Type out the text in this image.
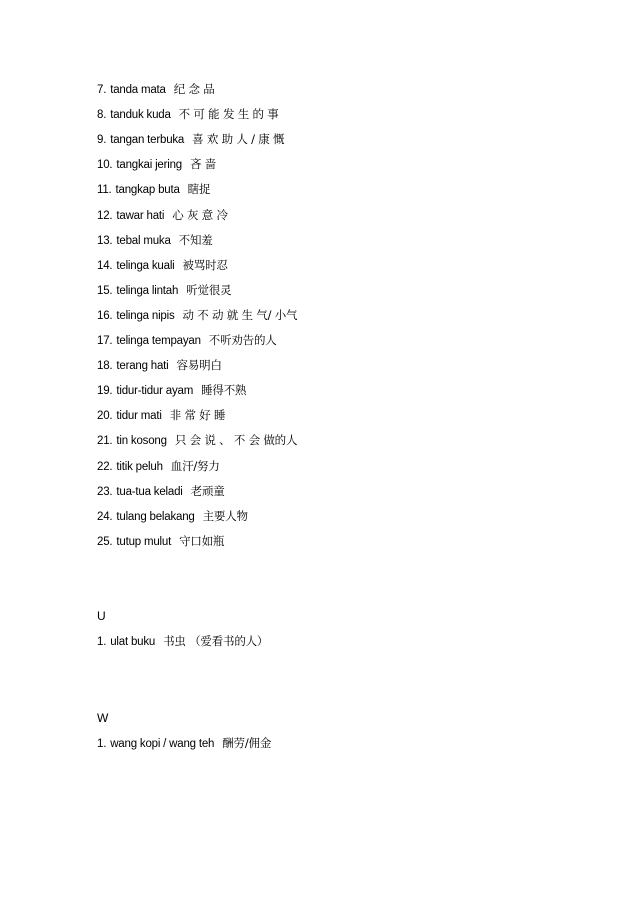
7. tanda mata 纪 念 品
8. tanduk kuda 不 可 能 发 生 的 事
9. tangan terbuka 喜 欢 助 人 / 康 慨
10. tangkai jering 吝 啬
11. tangkap buta 瞎捉
12. tawar hati 心 灰 意 冷
13. tebal muka 不知羞
14. telinga kuali 被骂时忍
15. telinga lintah 听觉很灵
16. telinga nipis 动 不 动 就 生 气/ 小气
17. telinga tempayan 不听劝告的人
18. terang hati 容易明白
19. tidur-tidur ayam 睡得不熟
20. tidur mati 非 常 好 睡
21. tin kosong 只 会 说 、 不 会 做的人
22. titik peluh 血汗/努力
23. tua-tua keladi 老顽童
24. tulang belakang 主要人物
25. tutup mulut 守口如瓶
U
1. ulat buku 书虫 （爱看书的人）
W
1. wang kopi / wang teh 酬劳/佣金
